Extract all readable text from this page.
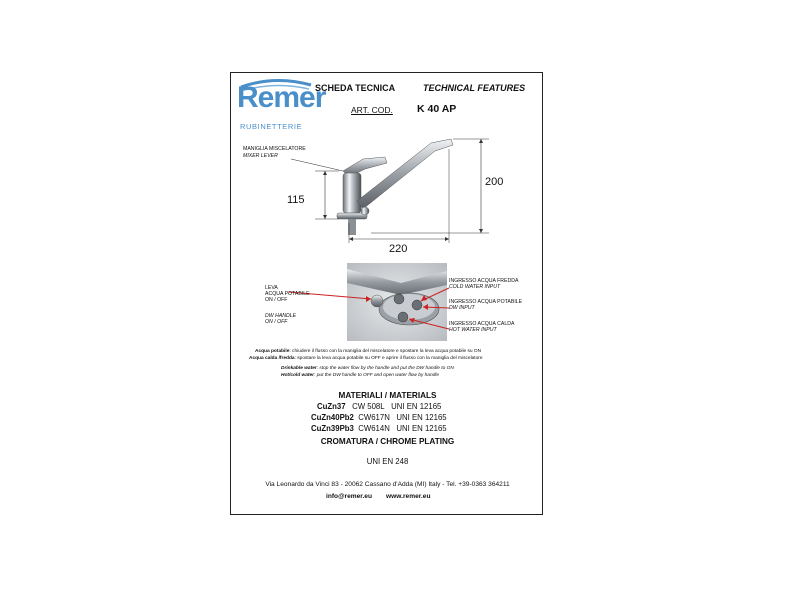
Remer
RUBINETTERIE
SCHEDA TECNICA	TECHNICAL FEATURES
ART. COD. K 40 AP
MANIGLIA MISCELATORE
MIXER LEVER
115
200
220
LEVA
ACQUA POTABILE
ON / OFF
DW HANDLE
ON / OFF
INGRESSO ACQUA FREDDA
COLD WATER INPUT
INGRESSO ACQUA POTABILE
DW INPUT
INGRESSO ACQUA CALDA
HOT WATER INPUT
Acqua potabile: chiudere il flusso con la maniglia del miscelatore e spostare la leva acqua potabile su ON
Acqua calda /fredda: spostare la leva acqua potabile su OFF e aprire il flusso con la maniglia del miscelatore
Drinkable water: stop the water flow by the handle and put the DW handle to ON
Hot/cold water: put the DW handle to OFF and open water flow by handle
MATERIALI / MATERIALS
CuZn37 CW 508L UNI EN 12165
CuZn40Pb2 CW617N UNI EN 12165
CuZn39Pb3 CW614N UNI EN 12165
CROMATURA / CHROME PLATING
UNI EN 248
Via Leonardo da Vinci 83 - 20062 Cassano d'Adda (MI) Italy - Tel. +39-0363 364211
info@remer.eu www.remer.eu
